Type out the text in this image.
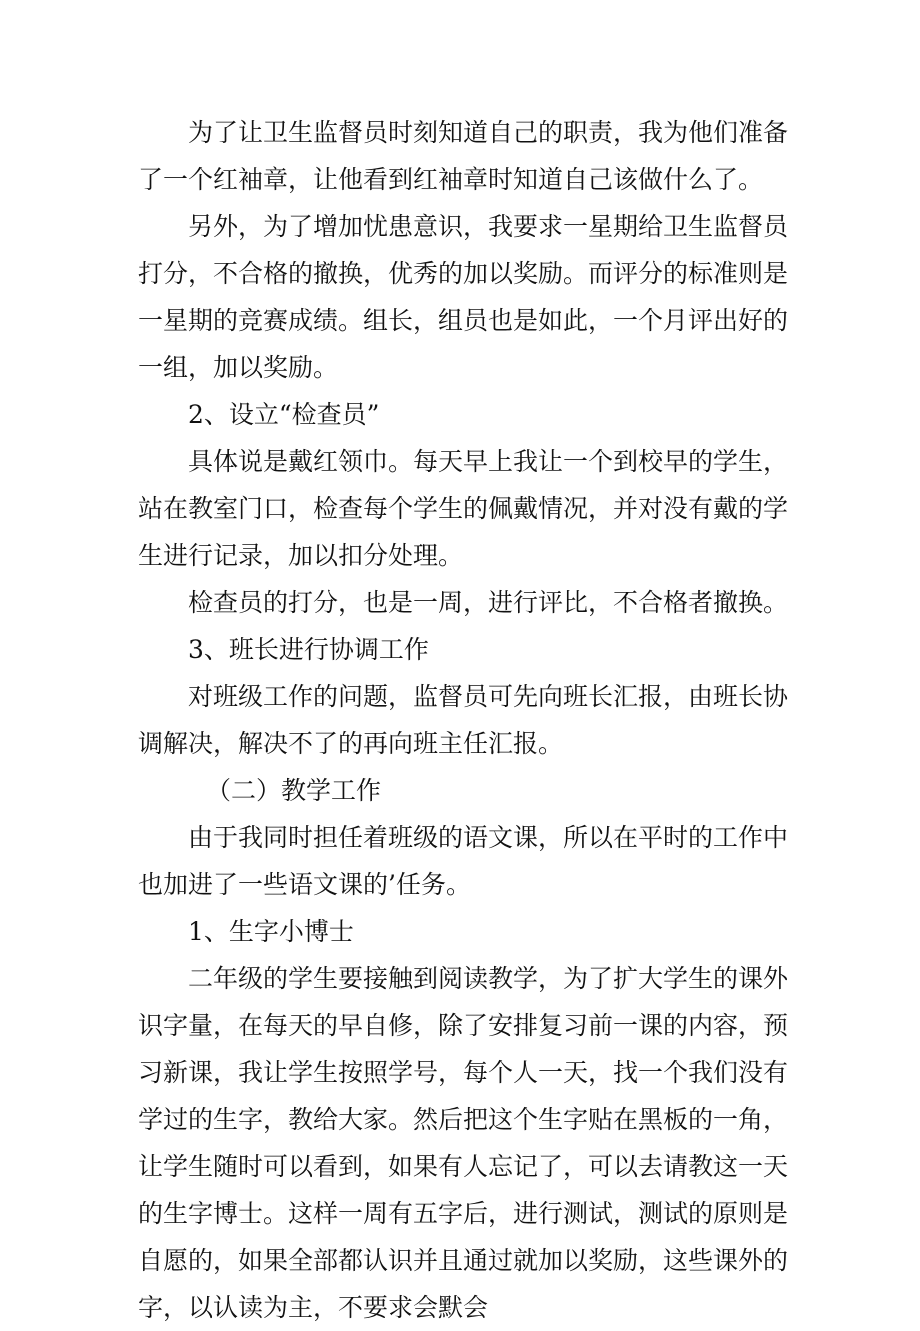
为了让卫生监督员时刻知道自己的职责，我为他们准备了一个红袖章，让他看到红袖章时知道自己该做什么了。

另外，为了增加忧患意识，我要求一星期给卫生监督员打分，不合格的撤换，优秀的加以奖励。而评分的标准则是一星期的竞赛成绩。组长，组员也是如此，一个月评出好的一组，加以奖励。

2、设立“检查员”

具体说是戴红领巾。每天早上我让一个到校早的学生，站在教室门口，检查每个学生的佩戴情况，并对没有戴的学生进行记录，加以扣分处理。

检查员的打分，也是一周，进行评比，不合格者撤换。

3、班长进行协调工作

对班级工作的问题，监督员可先向班长汇报，由班长协调解决，解决不了的再向班主任汇报。

（二）教学工作

由于我同时担任着班级的语文课，所以在平时的工作中也加进了一些语文课的’任务。

1、生字小博士

二年级的学生要接触到阅读教学，为了扩大学生的课外识字量，在每天的早自修，除了安排复习前一课的内容，预习新课，我让学生按照学号，每个人一天，找一个我们没有学过的生字，教给大家。然后把这个生字贴在黑板的一角，让学生随时可以看到，如果有人忘记了，可以去请教这一天的生字博士。这样一周有五字后，进行测试，测试的原则是自愿的，如果全部都认识并且通过就加以奖励，这些课外的字，以认读为主，不要求会默会
